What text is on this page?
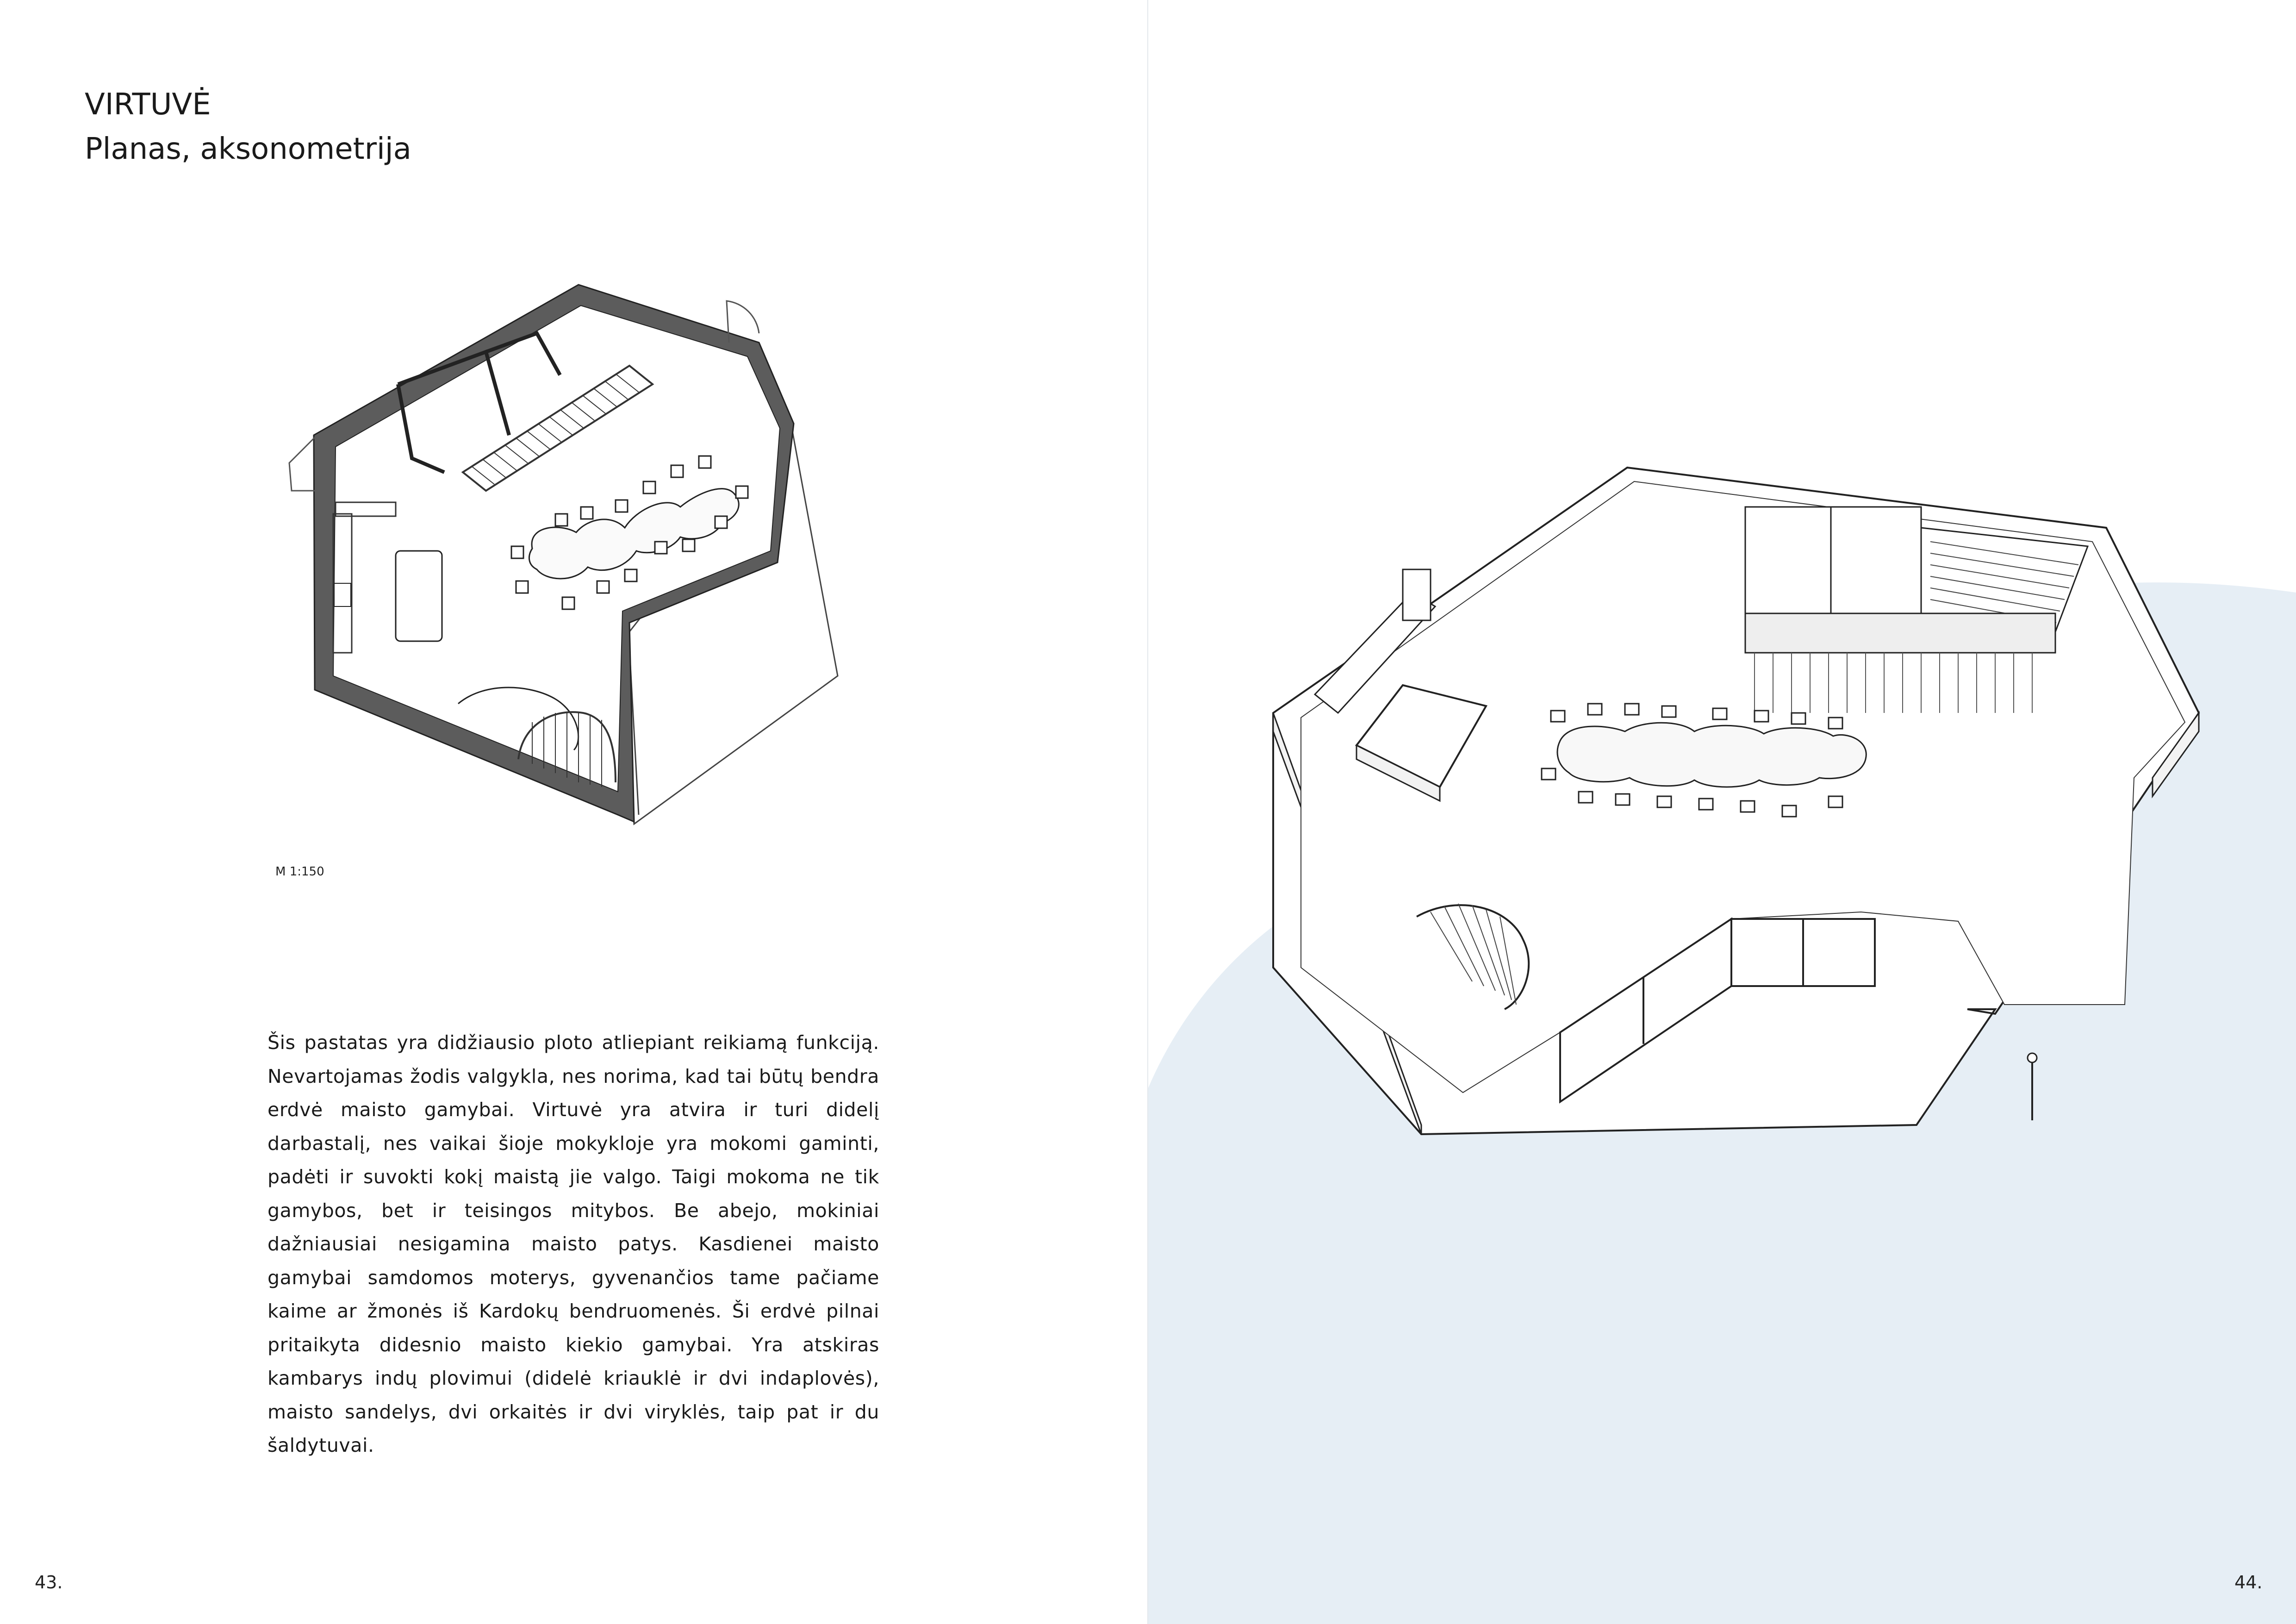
VIRTUVĖ
Planas, aksonometrija
M 1:150

Šis pastatas yra didžiausio ploto atliepiant reikiamą funkciją. Nevartojamas žodis valgykla, nes norima, kad tai būtų bendra erdvė maisto gamybai. Virtuvė yra atvira ir turi didelį darbastalį, nes vaikai šioje mokykloje yra mokomi gaminti, padėti ir suvokti kokį maistą jie valgo. Taigi mokoma ne tik gamybos, bet ir teisingos mitybos. Be abejo, mokiniai dažniausiai nesigamina maisto patys. Kasdienei maisto gamybai samdomos moterys, gyvenančios tame pačiame kaime ar žmonės iš Kardokų bendruomenės. Ši erdvė pilnai pritaikyta didesnio maisto kiekio gamybai. Yra atskiras kambarys indų plovimui (didelė kriauklė ir dvi indaplovės), maisto sandelys, dvi orkaitės ir dvi viryklės, taip pat ir du šaldytuvai.

43.	44.
